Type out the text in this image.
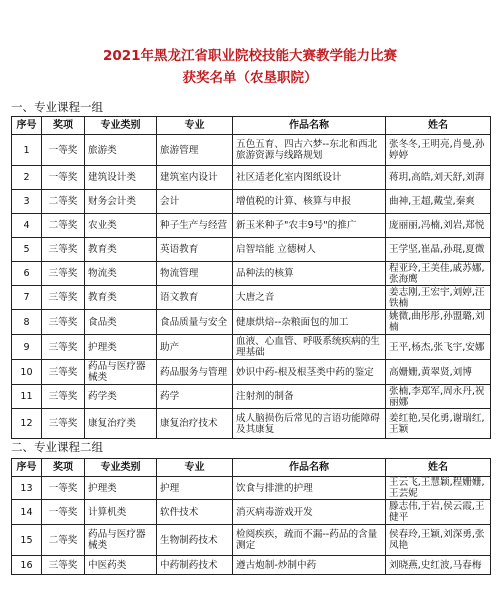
2021年黑龙江省职业院校技能大赛教学能力比赛
获奖名单（农垦职院）
一、专业课程一组
序号	奖项	专业类别	专业	作品名称	姓名
1	一等奖	旅游类	旅游管理	五色五育、四古六梦--东北和西北旅游资源与线路规划	张冬冬,王明亮,肖曼,孙婷婷
2	一等奖	建筑设计类	建筑室内设计	社区适老化室内图纸设计	蒋玥,高皓,刘天舒,刘湃
3	二等奖	财务会计类	会计	增值税的计算、核算与申报	曲神,王超,戴莹,秦爽
4	二等奖	农业类	种子生产与经营	新玉米种子"农丰9号"的推广	庞丽丽,冯楠,刘岩,郑悦
5	三等奖	教育类	英语教育	启智培能 立德树人	王学坚,崔晶,孙琨,夏微
6	三等奖	物流类	物流管理	品种法的核算	程亚玲,王美佳,戚苏娜,张海鹰
7	三等奖	教育类	语文教育	大唐之音	姜志刚,王宏宇,刘婷,汪铁楠
8	三等奖	食品类	食品质量与安全	健康烘焙--杂粮面包的加工	姚微,曲彤彤,孙盟璐,刘楠
9	三等奖	护理类	助产	血液、心血管、呼吸系统疾病的生理基础	王平,杨杰,张飞宇,安娜
10	三等奖	药品与医疗器械类	药品服务与管理	妙识中药-根及根茎类中药的鉴定	高姗姗,黄翠贤,刘博
11	三等奖	药学类	药学	注射剂的制备	张楠,李郑军,周永丹,祝丽娜
12	三等奖	康复治疗类	康复治疗技术	成人脑损伤后常见的言语功能障碍及其康复	姜红艳,吴化勇,谢瑞红,王颖
二、专业课程二组
序号	奖项	专业类别	专业	作品名称	姓名
13	一等奖	护理类	护理	饮食与排泄的护理	王云飞,王慧颖,程姗姗,王芸妮
14	一等奖	计算机类	软件技术	消灭病毒游戏开发	滕志伟,于岩,侯云霞,王健平
15	二等奖	药品与医疗器械类	生物制药技术	检阅疾疾，疏而不漏--药品的含量测定	侯春玲,王颖,刘深勇,张凤艳
16	三等奖	中医药类	中药制药技术	遵古炮制-炒制中药	刘晓燕,史红波,马春梅
